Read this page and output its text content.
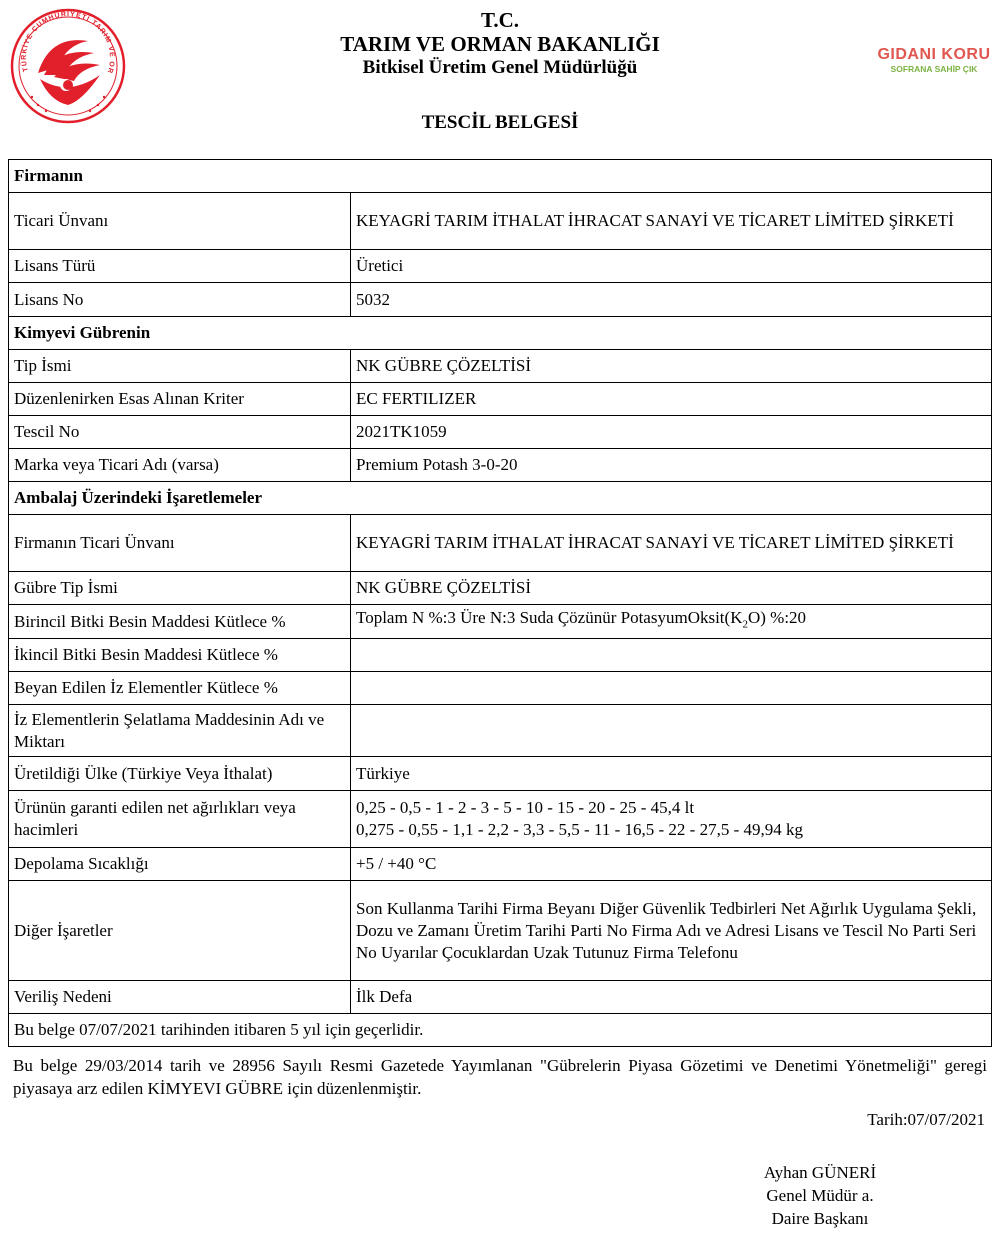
TÜRKİYE CUMHURİYETİ TARIM VE OR
GIDANI KORU
SOFRANA SAHİP ÇIK
T.C.
TARIM VE ORMAN BAKANLIĞI
Bitkisel Üretim Genel Müdürlüğü
TESCİL BELGESİ
Firmanın	
Ticari Ünvanı	KEYAGRİ TARIM İTHALAT İHRACAT SANAYİ VE TİCARET LİMİTED ŞİRKETİ
Lisans Türü	Üretici
Lisans No	5032
Kimyevi Gübrenin	
Tip İsmi	NK GÜBRE ÇÖZELTİSİ
Düzenlenirken Esas Alınan Kriter	EC FERTILIZER
Tescil No	2021TK1059
Marka veya Ticari Adı (varsa)	Premium Potash 3-0-20
Ambalaj Üzerindeki İşaretlemeler	
Firmanın Ticari Ünvanı	KEYAGRİ TARIM İTHALAT İHRACAT SANAYİ VE TİCARET LİMİTED ŞİRKETİ
Gübre Tip İsmi	NK GÜBRE ÇÖZELTİSİ
Birincil Bitki Besin Maddesi Kütlece %	Toplam N %:3 Üre N:3 Suda Çözünür $PotasyumOksit(K_2O)$ %:20
İkincil Bitki Besin Maddesi Kütlece %	
Beyan Edilen İz Elementler Kütlece %	
İz Elementlerin Şelatlama Maddesinin Adı ve Miktarı	
Üretildiği Ülke (Türkiye Veya İthalat)	Türkiye
Ürünün garanti edilen net ağırlıkları veya hacimleri	0,25 - 0,5 - 1 - 2 - 3 - 5 - 10 - 15 - 20 - 25 - 45,4 lt
0,275 - 0,55 - 1,1 - 2,2 - 3,3 - 5,5 - 11 - 16,5 - 22 - 27,5 - 49,94 kg

Depolama Sıcaklığı	+5 / +40 °C
Diğer İşaretler	Son Kullanma Tarihi Firma Beyanı Diğer Güvenlik Tedbirleri Net Ağırlık Uygulama Şekli, Dozu ve Zamanı Üretim Tarihi Parti No Firma Adı ve Adresi Lisans ve Tescil No Parti Seri No Uyarılar Çocuklardan Uzak Tutunuz Firma Telefonu
Veriliş Nedeni	İlk Defa
Bu belge 07/07/2021 tarihinden itibaren 5 yıl için geçerlidir.	
Bu belge 29/03/2014 tarih ve 28956 Sayılı Resmi Gazetede Yayımlanan "Gübrelerin Piyasa Gözetimi ve Denetimi Yönetmeliği" geregi piyasaya arz edilen KİMYEVI GÜBRE için düzenlenmiştir.
Tarih:07/07/2021
Ayhan GÜNERİ
Genel Müdür a.
Daire Başkanı
